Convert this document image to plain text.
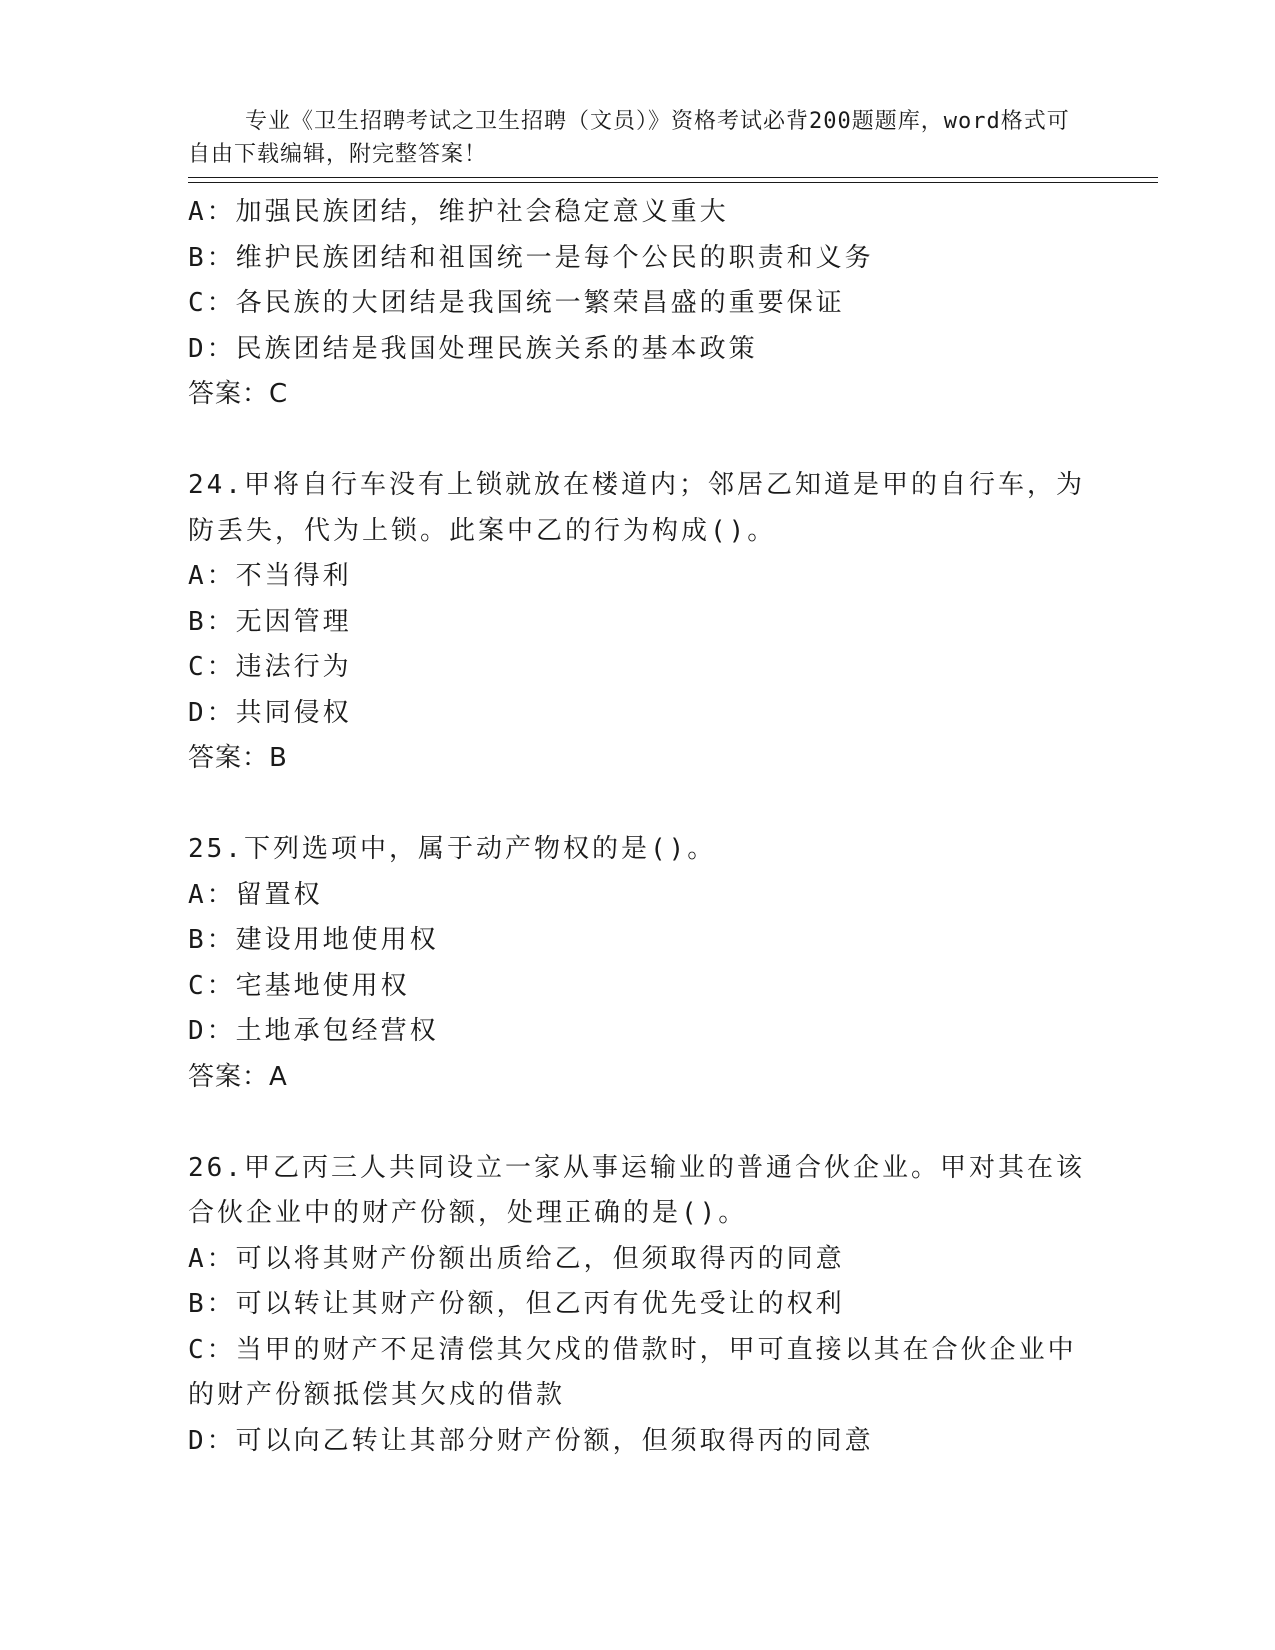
专业《卫生招聘考试之卫生招聘（文员）》资格考试必背200题题库，word格式可自由下载编辑，附完整答案！

A：加强民族团结，维护社会稳定意义重大
B：维护民族团结和祖国统一是每个公民的职责和义务
C：各民族的大团结是我国统一繁荣昌盛的重要保证
D：民族团结是我国处理民族关系的基本政策
答案：C
24.甲将自行车没有上锁就放在楼道内；邻居乙知道是甲的自行车，为
防丢失，代为上锁。此案中乙的行为构成()。
A：不当得利
B：无因管理
C：违法行为
D：共同侵权
答案：B
25.下列选项中，属于动产物权的是()。
A：留置权
B：建设用地使用权
C：宅基地使用权
D：土地承包经营权
答案：A
26.甲乙丙三人共同设立一家从事运输业的普通合伙企业。甲对其在该
合伙企业中的财产份额，处理正确的是()。
A：可以将其财产份额出质给乙，但须取得丙的同意
B：可以转让其财产份额，但乙丙有优先受让的权利
C：当甲的财产不足清偿其欠戍的借款时，甲可直接以其在合伙企业中
的财产份额抵偿其欠戍的借款
D：可以向乙转让其部分财产份额，但须取得丙的同意
